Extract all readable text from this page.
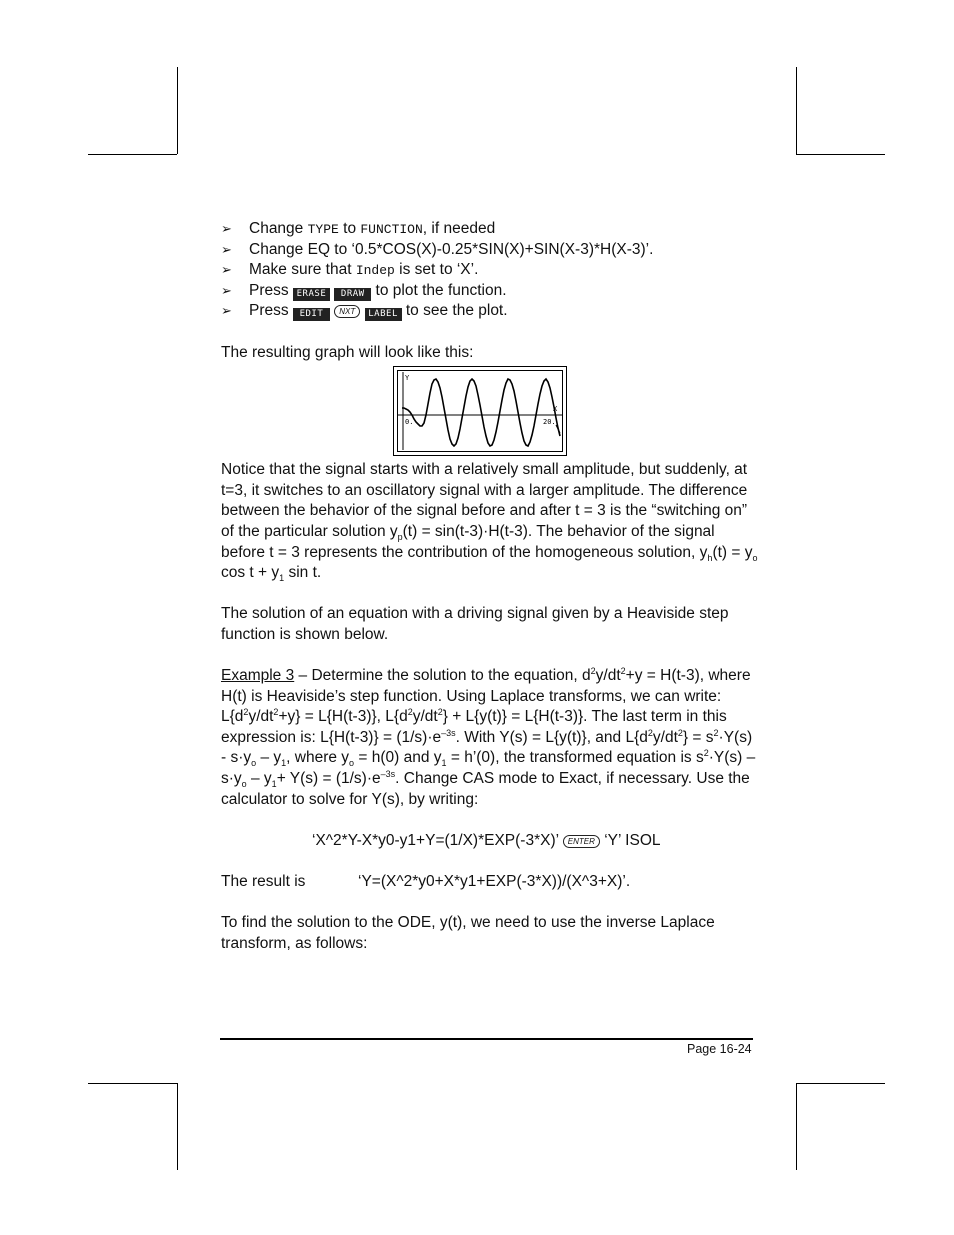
➢ Change TYPE to FUNCTION, if needed
➢ Change EQ to ‘0.5*COS(X)-0.25*SIN(X)+SIN(X-3)*H(X-3)’.
➢ Make sure that Indep is set to ‘X’.
➢ Press ERASE DRAW to plot the function.
➢ Press EDIT NXT LABEL to see the plot.

The resulting graph will look like this:

Y
X
0.	20.

Notice that the signal starts with a relatively small amplitude, but suddenly, at t=3, it switches to an oscillatory signal with a larger amplitude. The difference between the behavior of the signal before and after t = 3 is the “switching on” of the particular solution $y_p(t) = \sin(t-3)\cdot H(t-3)$. The behavior of the signal before t = 3 represents the contribution of the homogeneous solution, $y_h(t) = y_o$ $\cos t + y_1$ sin t.

The solution of an equation with a driving signal given by a Heaviside step function is shown below.

Example 3 – Determine the solution to the equation, $d^2y/dt^2+y = H(t-3)$, where H(t) is Heaviside’s step function. Using Laplace transforms, we can write: $L\{d^2y/dt^2+y\} = L\{H(t-3)\}$, $L\{d^2y/dt^2\} + L\{y(t)\} = L\{H(t-3)\}$. The last term in this expression is: $L\{H(t-3)\} = (1/s)\cdot e^{-3s}$. With Y(s) = L{y(t)}, and $L\{d^2y/dt^2\} = s^2\cdot Y(s) - s\cdot y_o - y_1$, where $y_o = h(0)$ and $y_1$ = h’(0), the transformed equation is $s^2\cdot Y(s) - s\cdot y_o - y_1+ Y(s) = (1/s)\cdot e^{-3s}$. Change CAS mode to Exact, if necessary. Use the calculator to solve for Y(s), by writing:

‘X^2*Y-X*y0-y1+Y=(1/X)*EXP(-3*X)’ ENTER ‘Y’ ISOL

The result is	‘Y=(X^2*y0+X*y1+EXP(-3*X))/(X^3+X)’.

To find the solution to the ODE, y(t), we need to use the inverse Laplace transform, as follows:

Page 16-24
